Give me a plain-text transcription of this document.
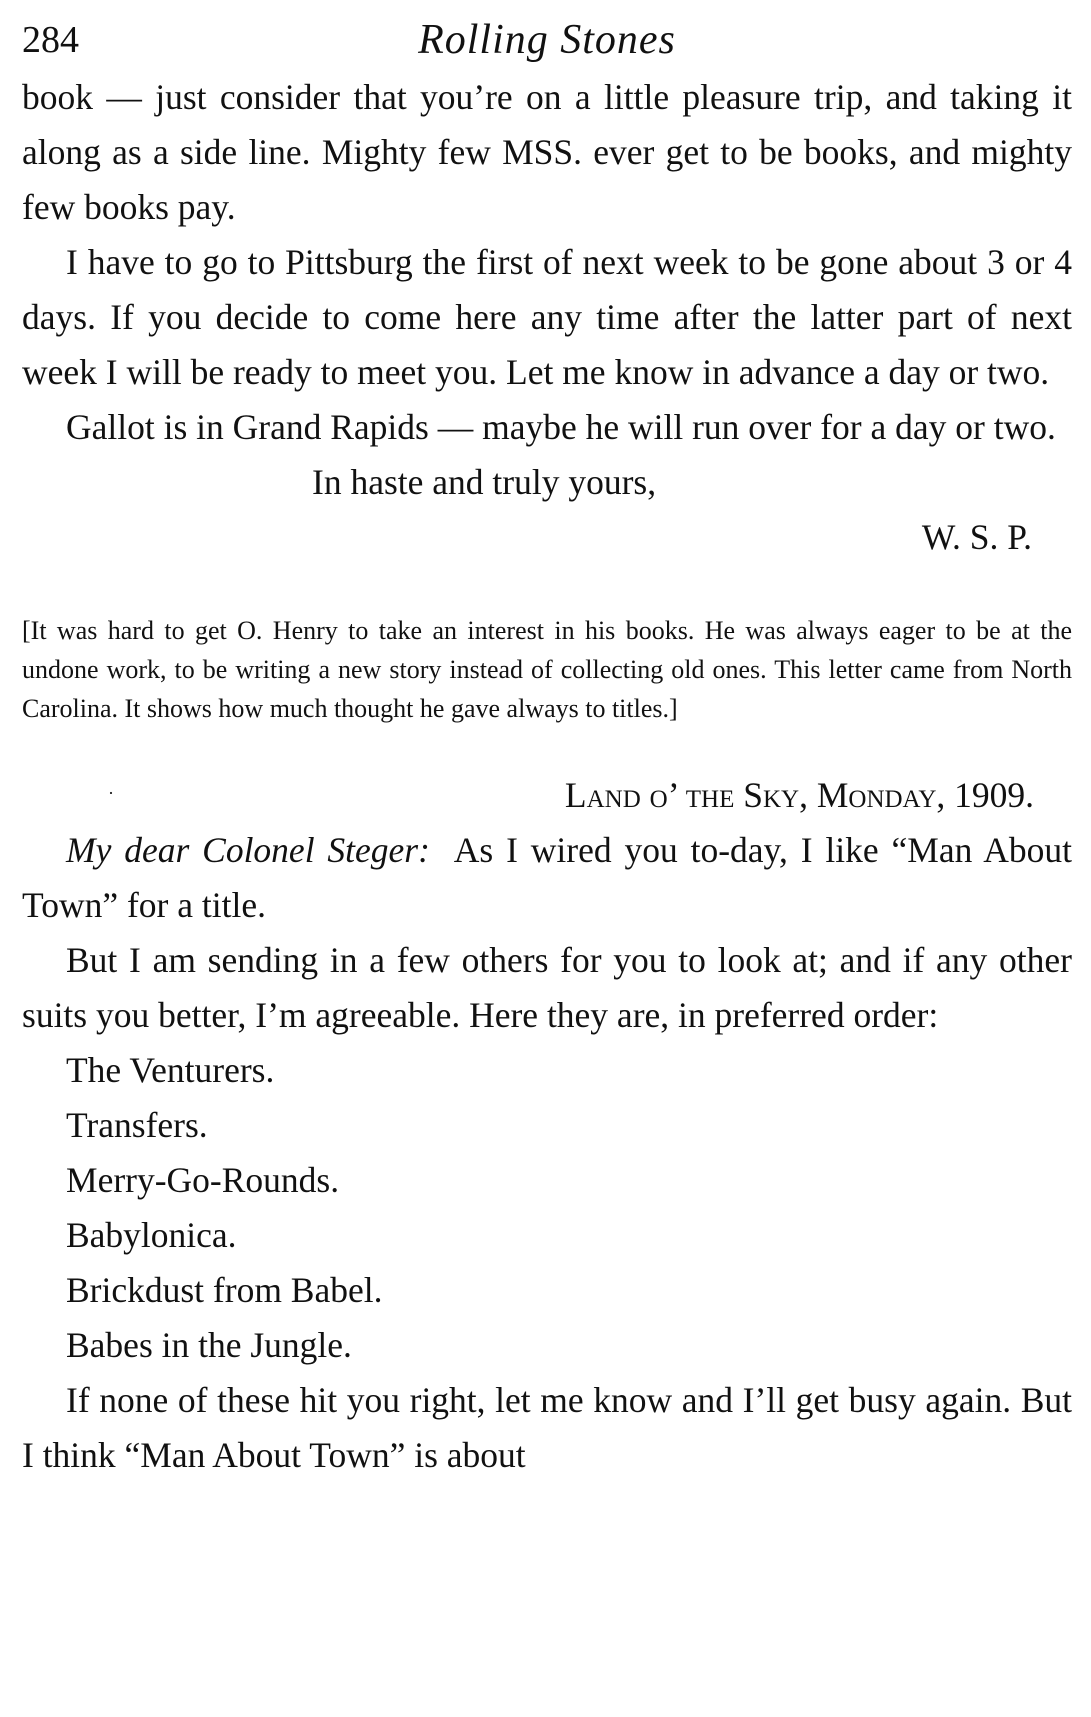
284	Rolling Stones

book — just consider that you’re on a little pleasure trip, and taking it along as a side line. Mighty few MSS. ever get to be books, and mighty few books pay.

I have to go to Pittsburg the first of next week to be gone about 3 or 4 days. If you decide to come here any time after the latter part of next week I will be ready to meet you. Let me know in advance a day or two.

Gallot is in Grand Rapids — maybe he will run over for a day or two.

In haste and truly yours,

W. S. P.

[It was hard to get O. Henry to take an interest in his books. He was always eager to be at the undone work, to be writing a new story instead of collecting old ones. This letter came from North Carolina. It shows how much thought he gave always to titles.]
·	Land o’ the Sky, Monday, 1909.

My dear Colonel Steger: As I wired you to-day, I like “Man About Town” for a title.

But I am sending in a few others for you to look at; and if any other suits you better, I’m agreeable. Here they are, in preferred order:

The Venturers.
Transfers.
Merry-Go-Rounds.
Babylonica.
Brickdust from Babel.
Babes in the Jungle.

If none of these hit you right, let me know and I’ll get busy again. But I think “Man About Town” is about
